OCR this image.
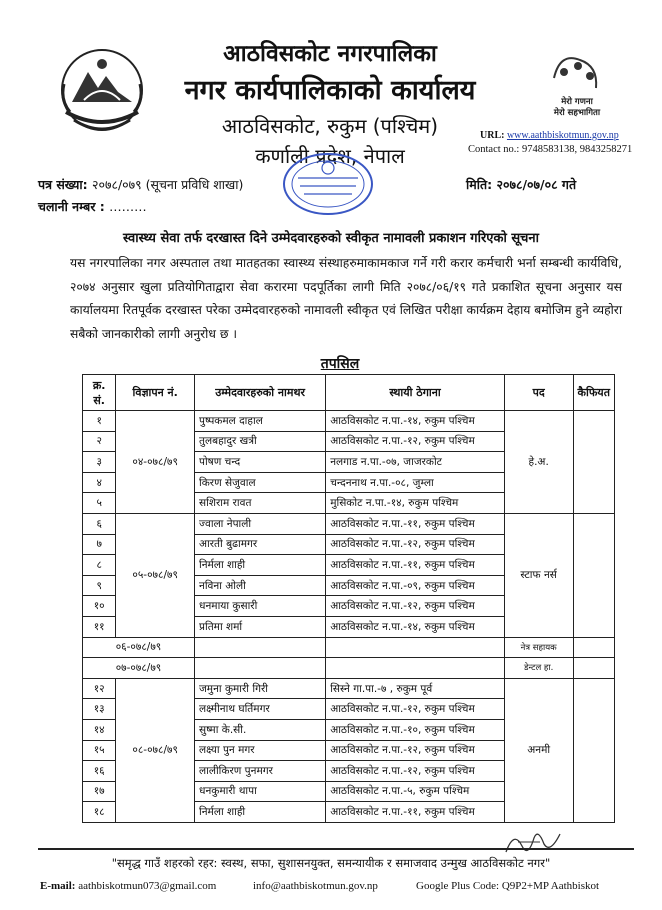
आठविसकोट नगरपालिका
नगर कार्यपालिकाको कार्यालय
आठविसकोट, रुकुम (पश्चिम)
कर्णाली प्रदेश, नेपाल
मेरो गणना
मेरो सहभागिता
URL: www.aathbiskotmun.gov.np
Contact no.: 9748583138, 9843258271
पत्र संख्या: २०७८/०७९ (सूचना प्रविधि शाखा)	मिति: २०७८/०७/०८ गते
चलानी नम्बर : ………
स्वास्थ्य सेवा तर्फ दरखास्त दिने उम्मेदवारहरुको स्वीकृत नामावली प्रकाशन गरिएको सूचना
यस नगरपालिका नगर अस्पताल तथा मातहतका स्वास्थ्य संस्थाहरुमाकामकाज गर्ने गरी करार कर्मचारी भर्ना सम्बन्धी कार्यविधि, २०७४ अनुसार खुला प्रतियोगिताद्वारा सेवा करारमा पदपूर्तिका लागी मिति २०७८/०६/१९ गते प्रकाशित सूचना अनुसार यस कार्यालयमा रितपूर्वक दरखास्त परेका उम्मेदवारहरुको नामावली स्वीकृत एवं लिखित परीक्षा कार्यक्रम देहाय बमोजिम हुने व्यहोरा सबैको जानकारीको लागी अनुरोध छ ।
तपसिल
क्र. सं.	विज्ञापन नं.	उम्मेदवारहरुको नामथर	स्थायी ठेगाना	पद	कैफियत
१	०४-०७८/७९	पुष्पकमल दाहाल	आठविसकोट न.पा.-१४, रुकुम पश्चिम	हे.अ.	
२		तुलबहादुर खत्री	आठविसकोट न.पा.-१२, रुकुम पश्चिम		
३		पोषण चन्द	नलगाड न.पा.-०७, जाजरकोट		
४		किरण सेजुवाल	चन्दननाथ न.पा.-०८, जुम्ला		
५		सशिराम रावत	मुसिकोट न.पा.-१४, रुकुम पश्चिम		
६	०५-०७८/७९	ज्वाला नेपाली	आठविसकोट न.पा.-११, रुकुम पश्चिम	स्टाफ नर्स	
७		आरती बुढामगर	आठविसकोट न.पा.-१२, रुकुम पश्चिम		
८		निर्मला शाही	आठविसकोट न.पा.-११, रुकुम पश्चिम		
९		नविना ओली	आठविसकोट न.पा.-०९, रुकुम पश्चिम		
१०		धनमाया कुसारी	आठविसकोट न.पा.-१२, रुकुम पश्चिम		
११		प्रतिमा शर्मा	आठविसकोट न.पा.-१४, रुकुम पश्चिम		
०६-०७८/७९				नेत्र सहायक	
०७-०७८/७९				डेन्टल हा.	
१२	०८-०७८/७९	जमुना कुमारी गिरी	सिस्ने गा.पा.-७ , रुकुम पूर्व	अनमी	
१३		लक्ष्मीनाथ घर्तिमगर	आठविसकोट न.पा.-१२, रुकुम पश्चिम		
१४		सुष्मा के.सी.	आठविसकोट न.पा.-१०, रुकुम पश्चिम		
१५		लक्ष्या पुन मगर	आठविसकोट न.पा.-१२, रुकुम पश्चिम		
१६		लालीकिरण पुनमगर	आठविसकोट न.पा.-१२, रुकुम पश्चिम		
१७		धनकुमारी थापा	आठविसकोट न.पा.-५, रुकुम पश्चिम		
१८		निर्मला शाही	आठविसकोट न.पा.-११, रुकुम पश्चिम		
"समृद्ध गाउँ शहरको रहर: स्वस्थ, सफा, सुशासनयुक्त, समन्यायीक र समाजवाद उन्मुख आठविसकोट नगर"
E-mail: aathbiskotmun073@gmail.com	info@aathbiskotmun.gov.np	Google Plus Code: Q9P2+MP Aathbiskot
